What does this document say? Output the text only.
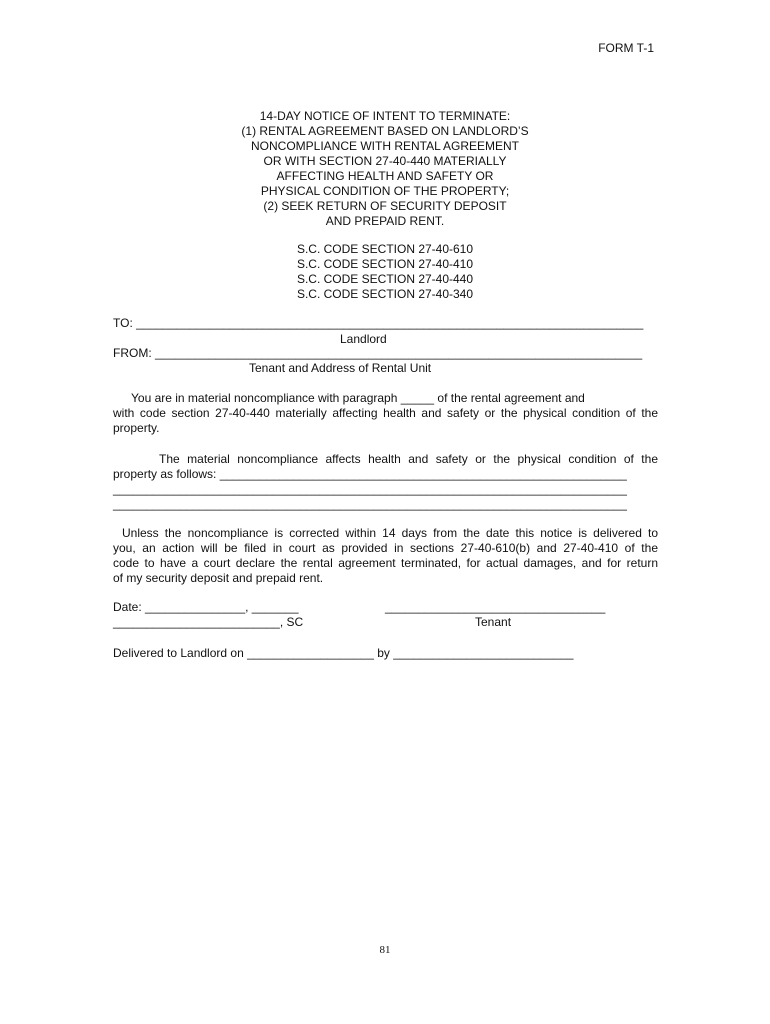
FORM T-1
14-DAY NOTICE OF INTENT TO TERMINATE:
(1) RENTAL AGREEMENT BASED ON LANDLORD’S
NONCOMPLIANCE WITH RENTAL AGREEMENT
OR WITH SECTION 27-40-440 MATERIALLY
AFFECTING HEALTH AND SAFETY OR
PHYSICAL CONDITION OF THE PROPERTY;
(2) SEEK RETURN OF SECURITY DEPOSIT
AND PREPAID RENT.
S.C. CODE SECTION 27-40-610
S.C. CODE SECTION 27-40-410
S.C. CODE SECTION 27-40-440
S.C. CODE SECTION 27-40-340
TO: ____________________________________________________________________________
Landlord
FROM: _________________________________________________________________________
Tenant and Address of Rental Unit
You are in material noncompliance with paragraph _____ of the rental agreement and
with code section 27-40-440 materially affecting health and safety or the physical condition of the
property.
The material noncompliance affects health and safety or the physical condition of the
property as follows: _____________________________________________________________
_____________________________________________________________________________
_____________________________________________________________________________
Unless the noncompliance is corrected within 14 days from the date this notice is delivered to
you, an action will be filed in court as provided in sections 27-40-610(b) and 27-40-410 of the
code to have a court declare the rental agreement terminated, for actual damages, and for return
of my security deposit and prepaid rent.
Date: _______________, _______	_________________________________
_________________________, SC	Tenant
Delivered to Landlord on ___________________ by ___________________________
81
